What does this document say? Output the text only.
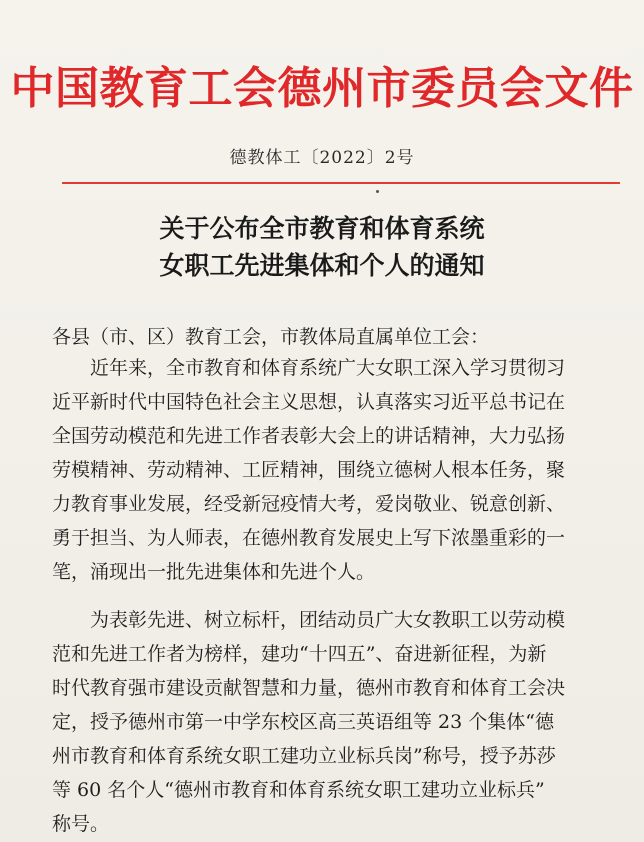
中国教育工会德州市委员会文件
德教体工〔2022〕2号
关于公布全市教育和体育系统
女职工先进集体和个人的通知
各县（市、区）教育工会，市教体局直属单位工会：
近年来，全市教育和体育系统广大女职工深入学习贯彻习
近平新时代中国特色社会主义思想，认真落实习近平总书记在
全国劳动模范和先进工作者表彰大会上的讲话精神，大力弘扬
劳模精神、劳动精神、工匠精神，围绕立德树人根本任务，聚
力教育事业发展，经受新冠疫情大考，爱岗敬业、锐意创新、
勇于担当、为人师表，在德州教育发展史上写下浓墨重彩的一
笔，涌现出一批先进集体和先进个人。
为表彰先进、树立标杆，团结动员广大女教职工以劳动模
范和先进工作者为榜样，建功“十四五”、奋进新征程，为新
时代教育强市建设贡献智慧和力量，德州市教育和体育工会决
定，授予德州市第一中学东校区高三英语组等 23 个集体“德
州市教育和体育系统女职工建功立业标兵岗”称号，授予苏莎
等 60 名个人“德州市教育和体育系统女职工建功立业标兵”
称号。
